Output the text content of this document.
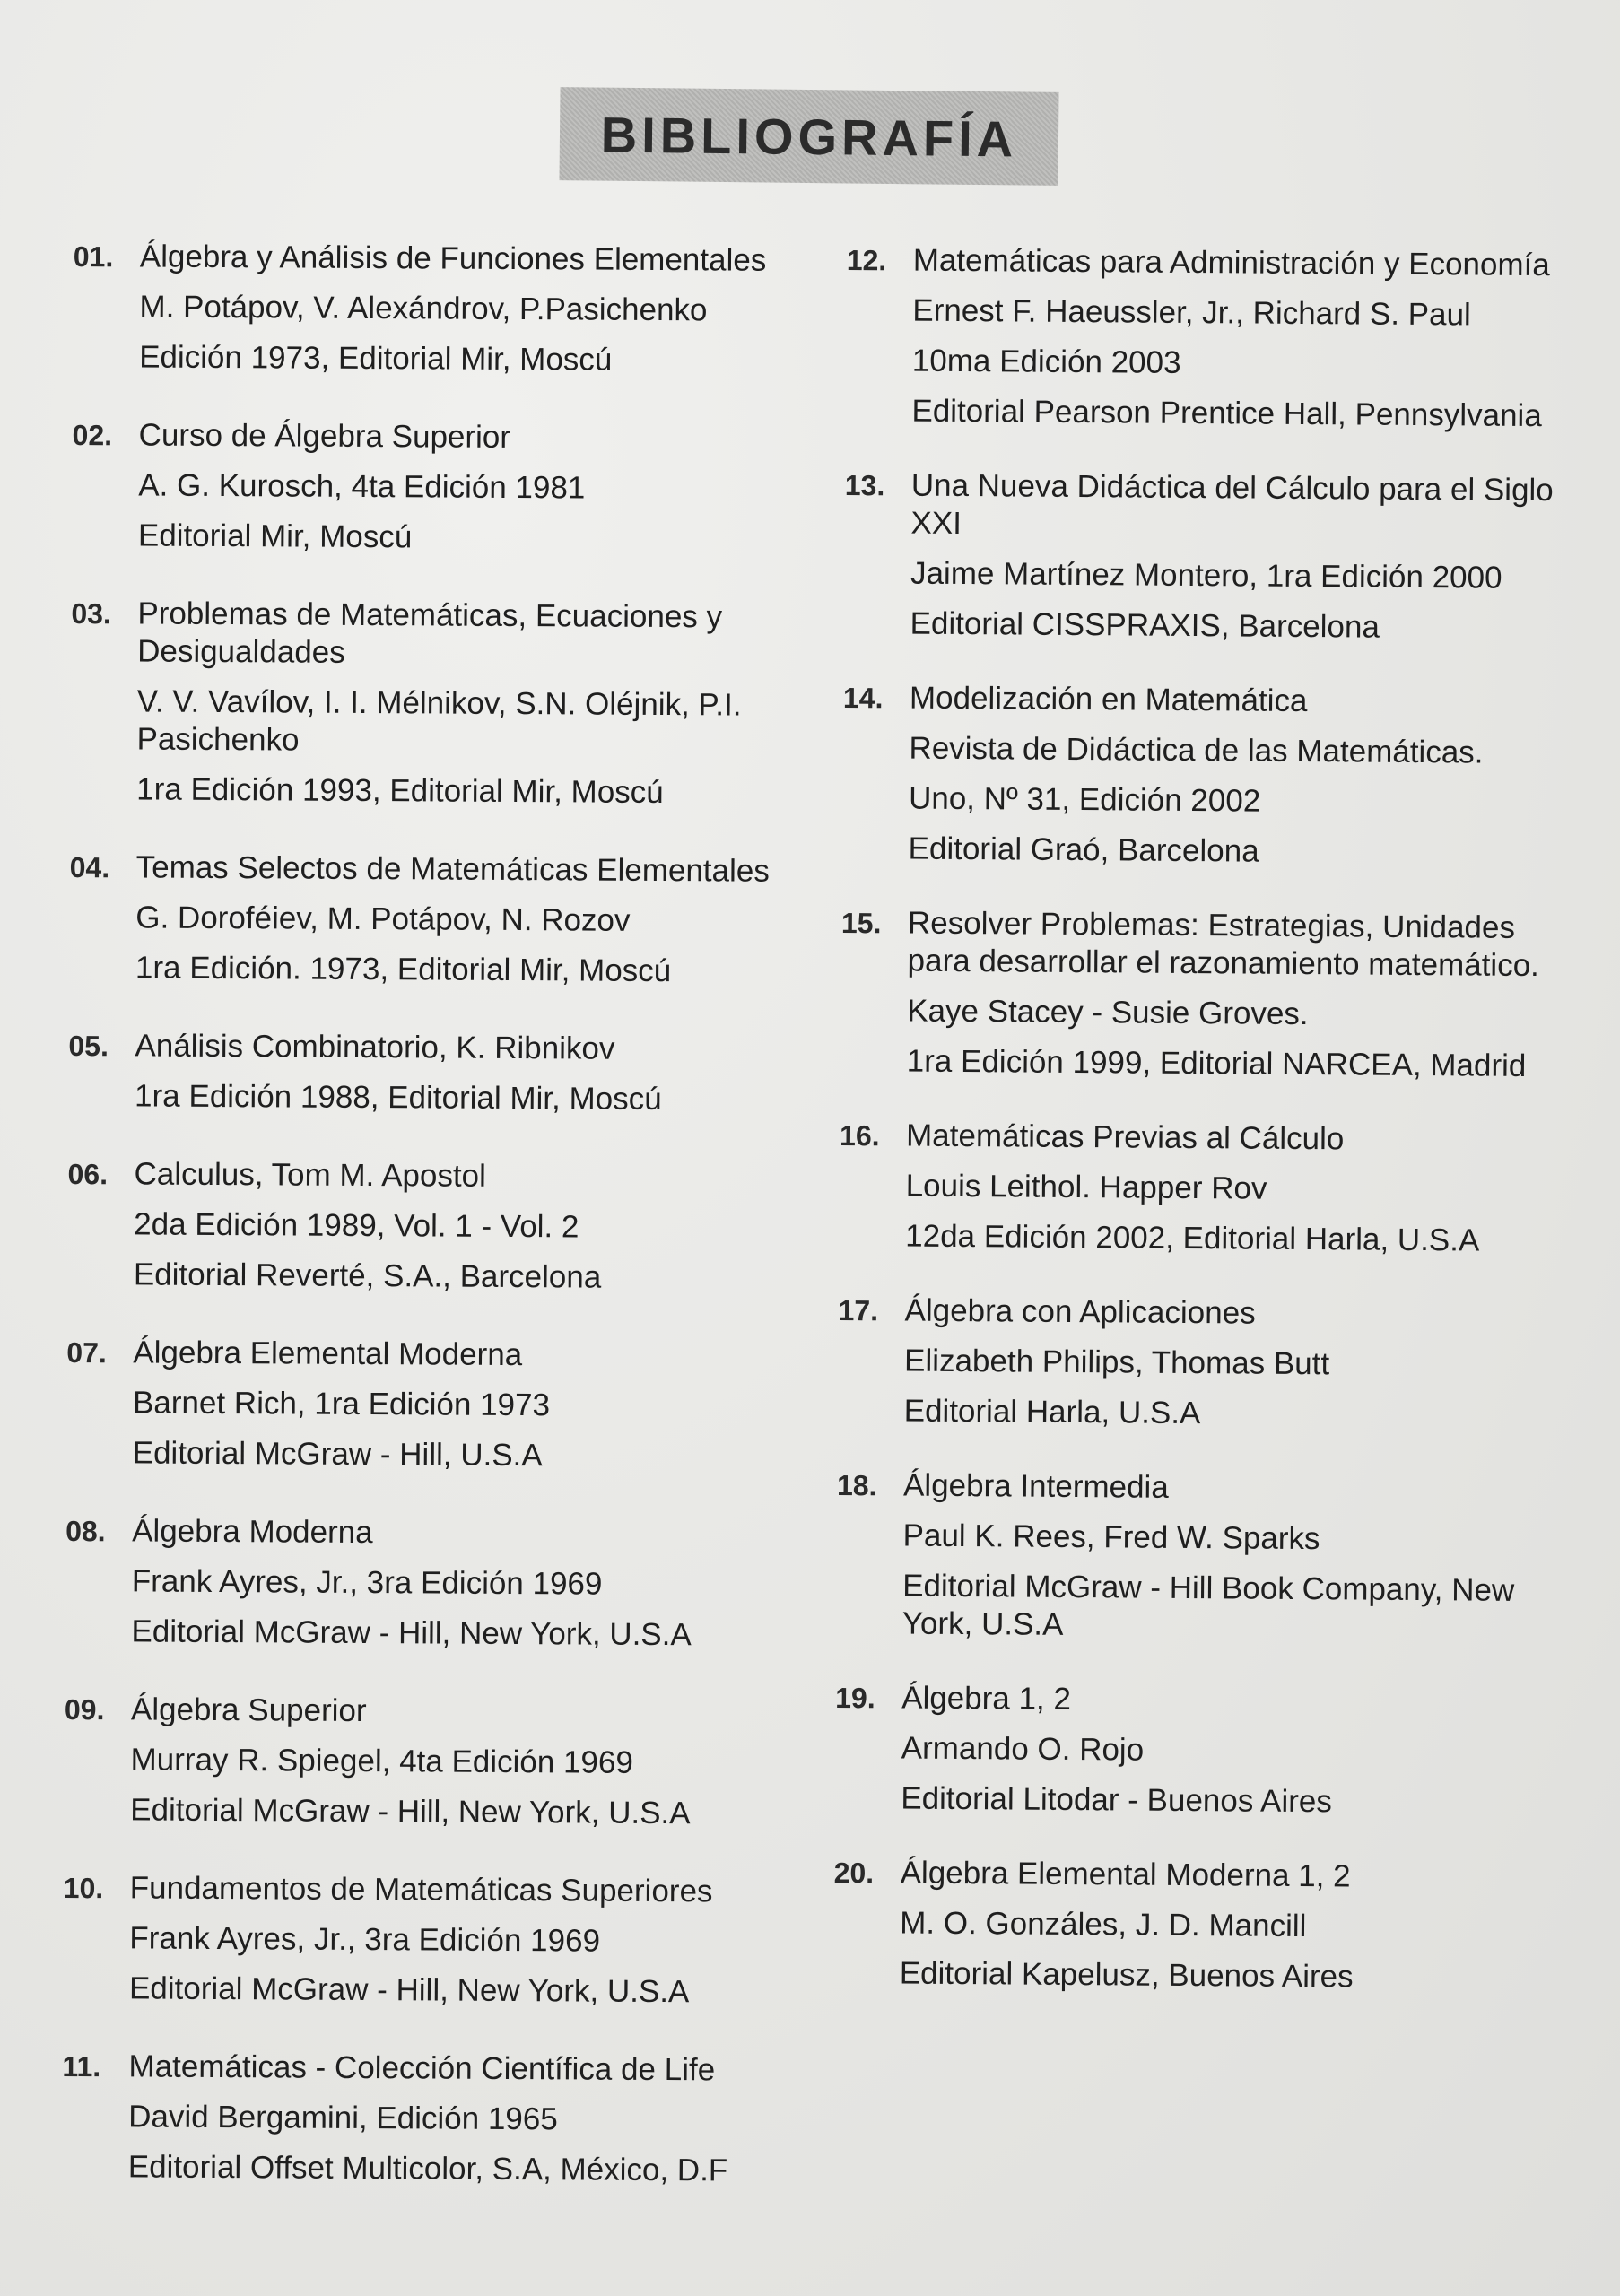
BIBLIOGRAFÍA
01. Álgebra y Análisis de Funciones Elementales
M. Potápov, V. Alexándrov, P.Pasichenko
Edición 1973, Editorial Mir, Moscú
02. Curso de Álgebra Superior
A. G. Kurosch, 4ta Edición 1981
Editorial Mir, Moscú
03. Problemas de Matemáticas, Ecuaciones y Desigualdades
V. V. Vavílov, I. I. Mélnikov, S.N. Oléjnik, P.I. Pasichenko
1ra Edición 1993, Editorial Mir, Moscú
04. Temas Selectos de Matemáticas Elementales
G. Doroféiev, M. Potápov, N. Rozov
1ra Edición. 1973, Editorial Mir, Moscú
05. Análisis Combinatorio, K. Ribnikov
1ra Edición 1988, Editorial Mir, Moscú
06. Calculus, Tom M. Apostol
2da Edición 1989, Vol. 1 - Vol. 2
Editorial Reverté, S.A., Barcelona
07. Álgebra Elemental Moderna
Barnet Rich, 1ra Edición 1973
Editorial McGraw - Hill, U.S.A
08. Álgebra Moderna
Frank Ayres, Jr., 3ra Edición 1969
Editorial McGraw - Hill, New York, U.S.A
09. Álgebra Superior
Murray R. Spiegel, 4ta Edición 1969
Editorial McGraw - Hill, New York, U.S.A
10. Fundamentos de Matemáticas Superiores
Frank Ayres, Jr., 3ra Edición 1969
Editorial McGraw - Hill, New York, U.S.A
11. Matemáticas - Colección Científica de Life
David Bergamini, Edición 1965
Editorial Offset Multicolor, S.A, México, D.F
12. Matemáticas para Administración y Economía
Ernest F. Haeussler, Jr., Richard S. Paul
10ma Edición 2003
Editorial Pearson Prentice Hall, Pennsylvania
13. Una Nueva Didáctica del Cálculo para el Siglo XXI
Jaime Martínez Montero, 1ra Edición 2000
Editorial CISSPRAXIS, Barcelona
14. Modelización en Matemática
Revista de Didáctica de las Matemáticas.
Uno, Nº 31, Edición 2002
Editorial Graó, Barcelona
15. Resolver Problemas: Estrategias, Unidades para desarrollar el razonamiento matemático.
Kaye Stacey - Susie Groves.
1ra Edición 1999, Editorial NARCEA, Madrid
16. Matemáticas Previas al Cálculo
Louis Leithol. Happer Rov
12da Edición 2002, Editorial Harla, U.S.A
17. Álgebra con Aplicaciones
Elizabeth Philips, Thomas Butt
Editorial Harla, U.S.A
18. Álgebra Intermedia
Paul K. Rees, Fred W. Sparks
Editorial McGraw - Hill Book Company, New York, U.S.A
19. Álgebra 1, 2
Armando O. Rojo
Editorial Litodar - Buenos Aires
20. Álgebra Elemental Moderna 1, 2
M. O. Gonzáles, J. D. Mancill
Editorial Kapelusz, Buenos Aires
